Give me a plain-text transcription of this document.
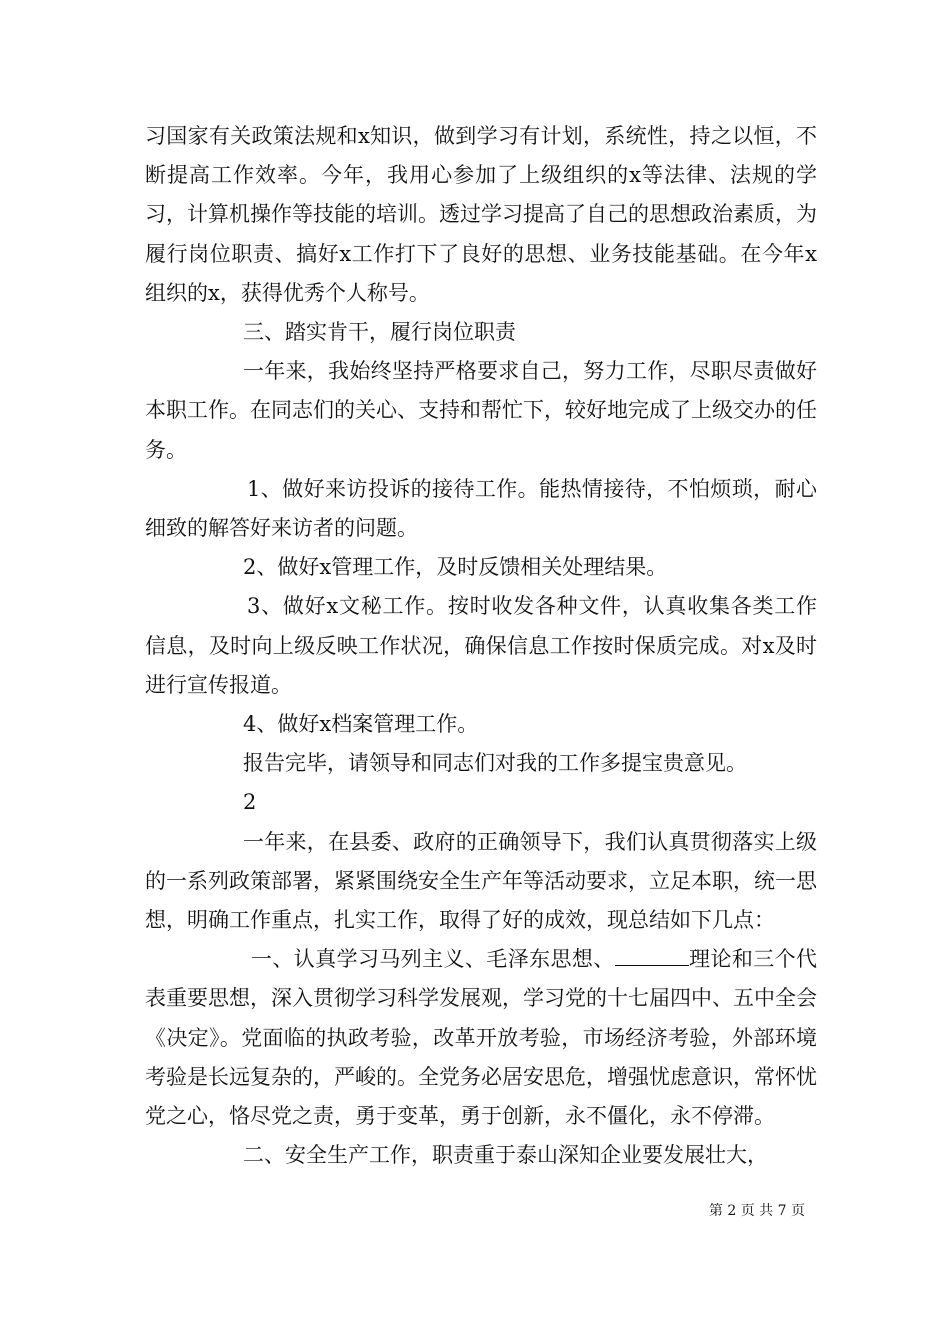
习国家有关政策法规和x知识，做到学习有计划，系统性，持之以恒，不断提高工作效率。今年，我用心参加了上级组织的x等法律、法规的学习，计算机操作等技能的培训。透过学习提高了自己的思想政治素质，为履行岗位职责、搞好x工作打下了良好的思想、业务技能基础。在今年x组织的x，获得优秀个人称号。

三、踏实肯干，履行岗位职责

一年来，我始终坚持严格要求自己，努力工作，尽职尽责做好本职工作。在同志们的关心、支持和帮忙下，较好地完成了上级交办的任务。

1、做好来访投诉的接待工作。能热情接待，不怕烦琐，耐心细致的解答好来访者的问题。

2、做好x管理工作，及时反馈相关处理结果。

3、做好x文秘工作。按时收发各种文件，认真收集各类工作信息，及时向上级反映工作状况，确保信息工作按时保质完成。对x及时进行宣传报道。

4、做好x档案管理工作。

报告完毕，请领导和同志们对我的工作多提宝贵意见。

2

一年来，在县委、政府的正确领导下，我们认真贯彻落实上级的一系列政策部署，紧紧围绕安全生产年等活动要求，立足本职，统一思想，明确工作重点，扎实工作，取得了好的成效，现总结如下几点：

一、认真学习马列主义、毛泽东思想、	理论和三个代表重要思想，深入贯彻学习科学发展观，学习党的十七届四中、五中全会《决定》。党面临的执政考验，改革开放考验，市场经济考验，外部环境考验是长远复杂的，严峻的。全党务必居安思危，增强忧虑意识，常怀忧党之心，恪尽党之责，勇于变革，勇于创新，永不僵化，永不停滞。

二、安全生产工作，职责重于泰山深知企业要发展壮大，

第 2 页 共 7 页
